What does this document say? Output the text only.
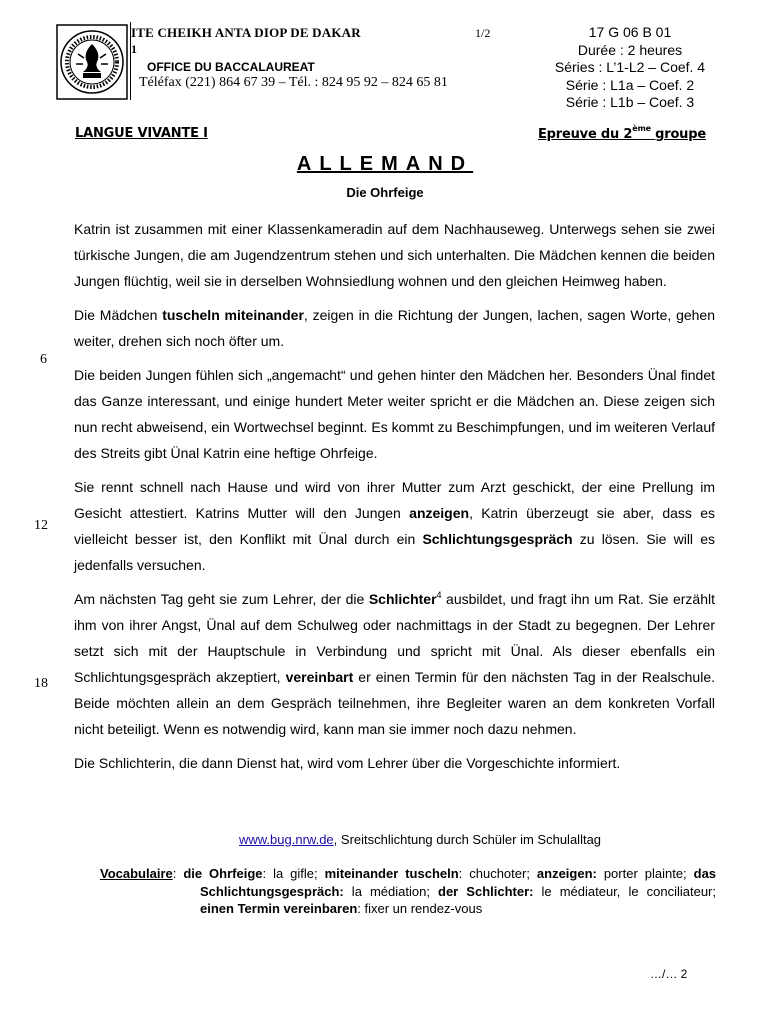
ITE CHEIKH ANTA DIOP DE DAKAR
1
1/2
OFFICE DU BACCALAUREAT
Téléfax (221) 864 67 39 – Tél. : 824 95 92 – 824 65 81
17 G 06 B 01
Durée : 2 heures
Séries : L’1-L2 – Coef. 4
Série : L1a – Coef. 2
Série : L1b – Coef. 3
LANGUE VIVANTE I	Epreuve du 2ème groupe
ALLEMAND
Die Ohrfeige
6
12
18

Katrin ist zusammen mit einer Klassenkameradin auf dem Nachhauseweg. Unterwegs sehen sie zwei türkische Jungen, die am Jugendzentrum stehen und sich unterhalten. Die Mädchen kennen die beiden Jungen flüchtig, weil sie in derselben Wohnsiedlung wohnen und den gleichen Heimweg haben.

Die Mädchen tuscheln miteinander, zeigen in die Richtung der Jungen, lachen, sagen Worte, gehen weiter, drehen sich noch öfter um.

Die beiden Jungen fühlen sich „angemacht“ und gehen hinter den Mädchen her. Besonders Ünal findet das Ganze interessant, und einige hundert Meter weiter spricht er die Mädchen an. Diese zeigen sich nun recht abweisend, ein Wortwechsel beginnt. Es kommt zu Beschimpfungen, und im weiteren Verlauf des Streits gibt Ünal Katrin eine heftige Ohrfeige.

Sie rennt schnell nach Hause und wird von ihrer Mutter zum Arzt geschickt, der eine Prellung im Gesicht attestiert. Katrins Mutter will den Jungen anzeigen, Katrin überzeugt sie aber, dass es vielleicht besser ist, den Konflikt mit Ünal durch ein Schlichtungsgespräch zu lösen. Sie will es jedenfalls versuchen.

Am nächsten Tag geht sie zum Lehrer, der die Schlichter$^4$ ausbildet, und fragt ihn um Rat. Sie erzählt ihm von ihrer Angst, Ünal auf dem Schulweg oder nachmittags in der Stadt zu begegnen. Der Lehrer setzt sich mit der Hauptschule in Verbindung und spricht mit Ünal. Als dieser ebenfalls ein Schlichtungsgespräch akzeptiert, vereinbart er einen Termin für den nächsten Tag in der Realschule. Beide möchten allein an dem Gespräch teilnehmen, ihre Begleiter waren an dem konkreten Vorfall nicht beteiligt. Wenn es notwendig wird, kann man sie immer noch dazu nehmen.

Die Schlichterin, die dann Dienst hat, wird vom Lehrer über die Vorgeschichte informiert.

www.bug.nrw.de, Sreitschlichtung durch Schüler im Schulalltag
Vocabulaire: die Ohrfeige: la gifle; miteinander tuscheln: chuchoter; anzeigen: porter plainte; das Schlichtungsgespräch: la médiation; der Schlichter: le médiateur, le conciliateur; einen Termin vereinbaren: fixer un rendez-vous
…/… 2
